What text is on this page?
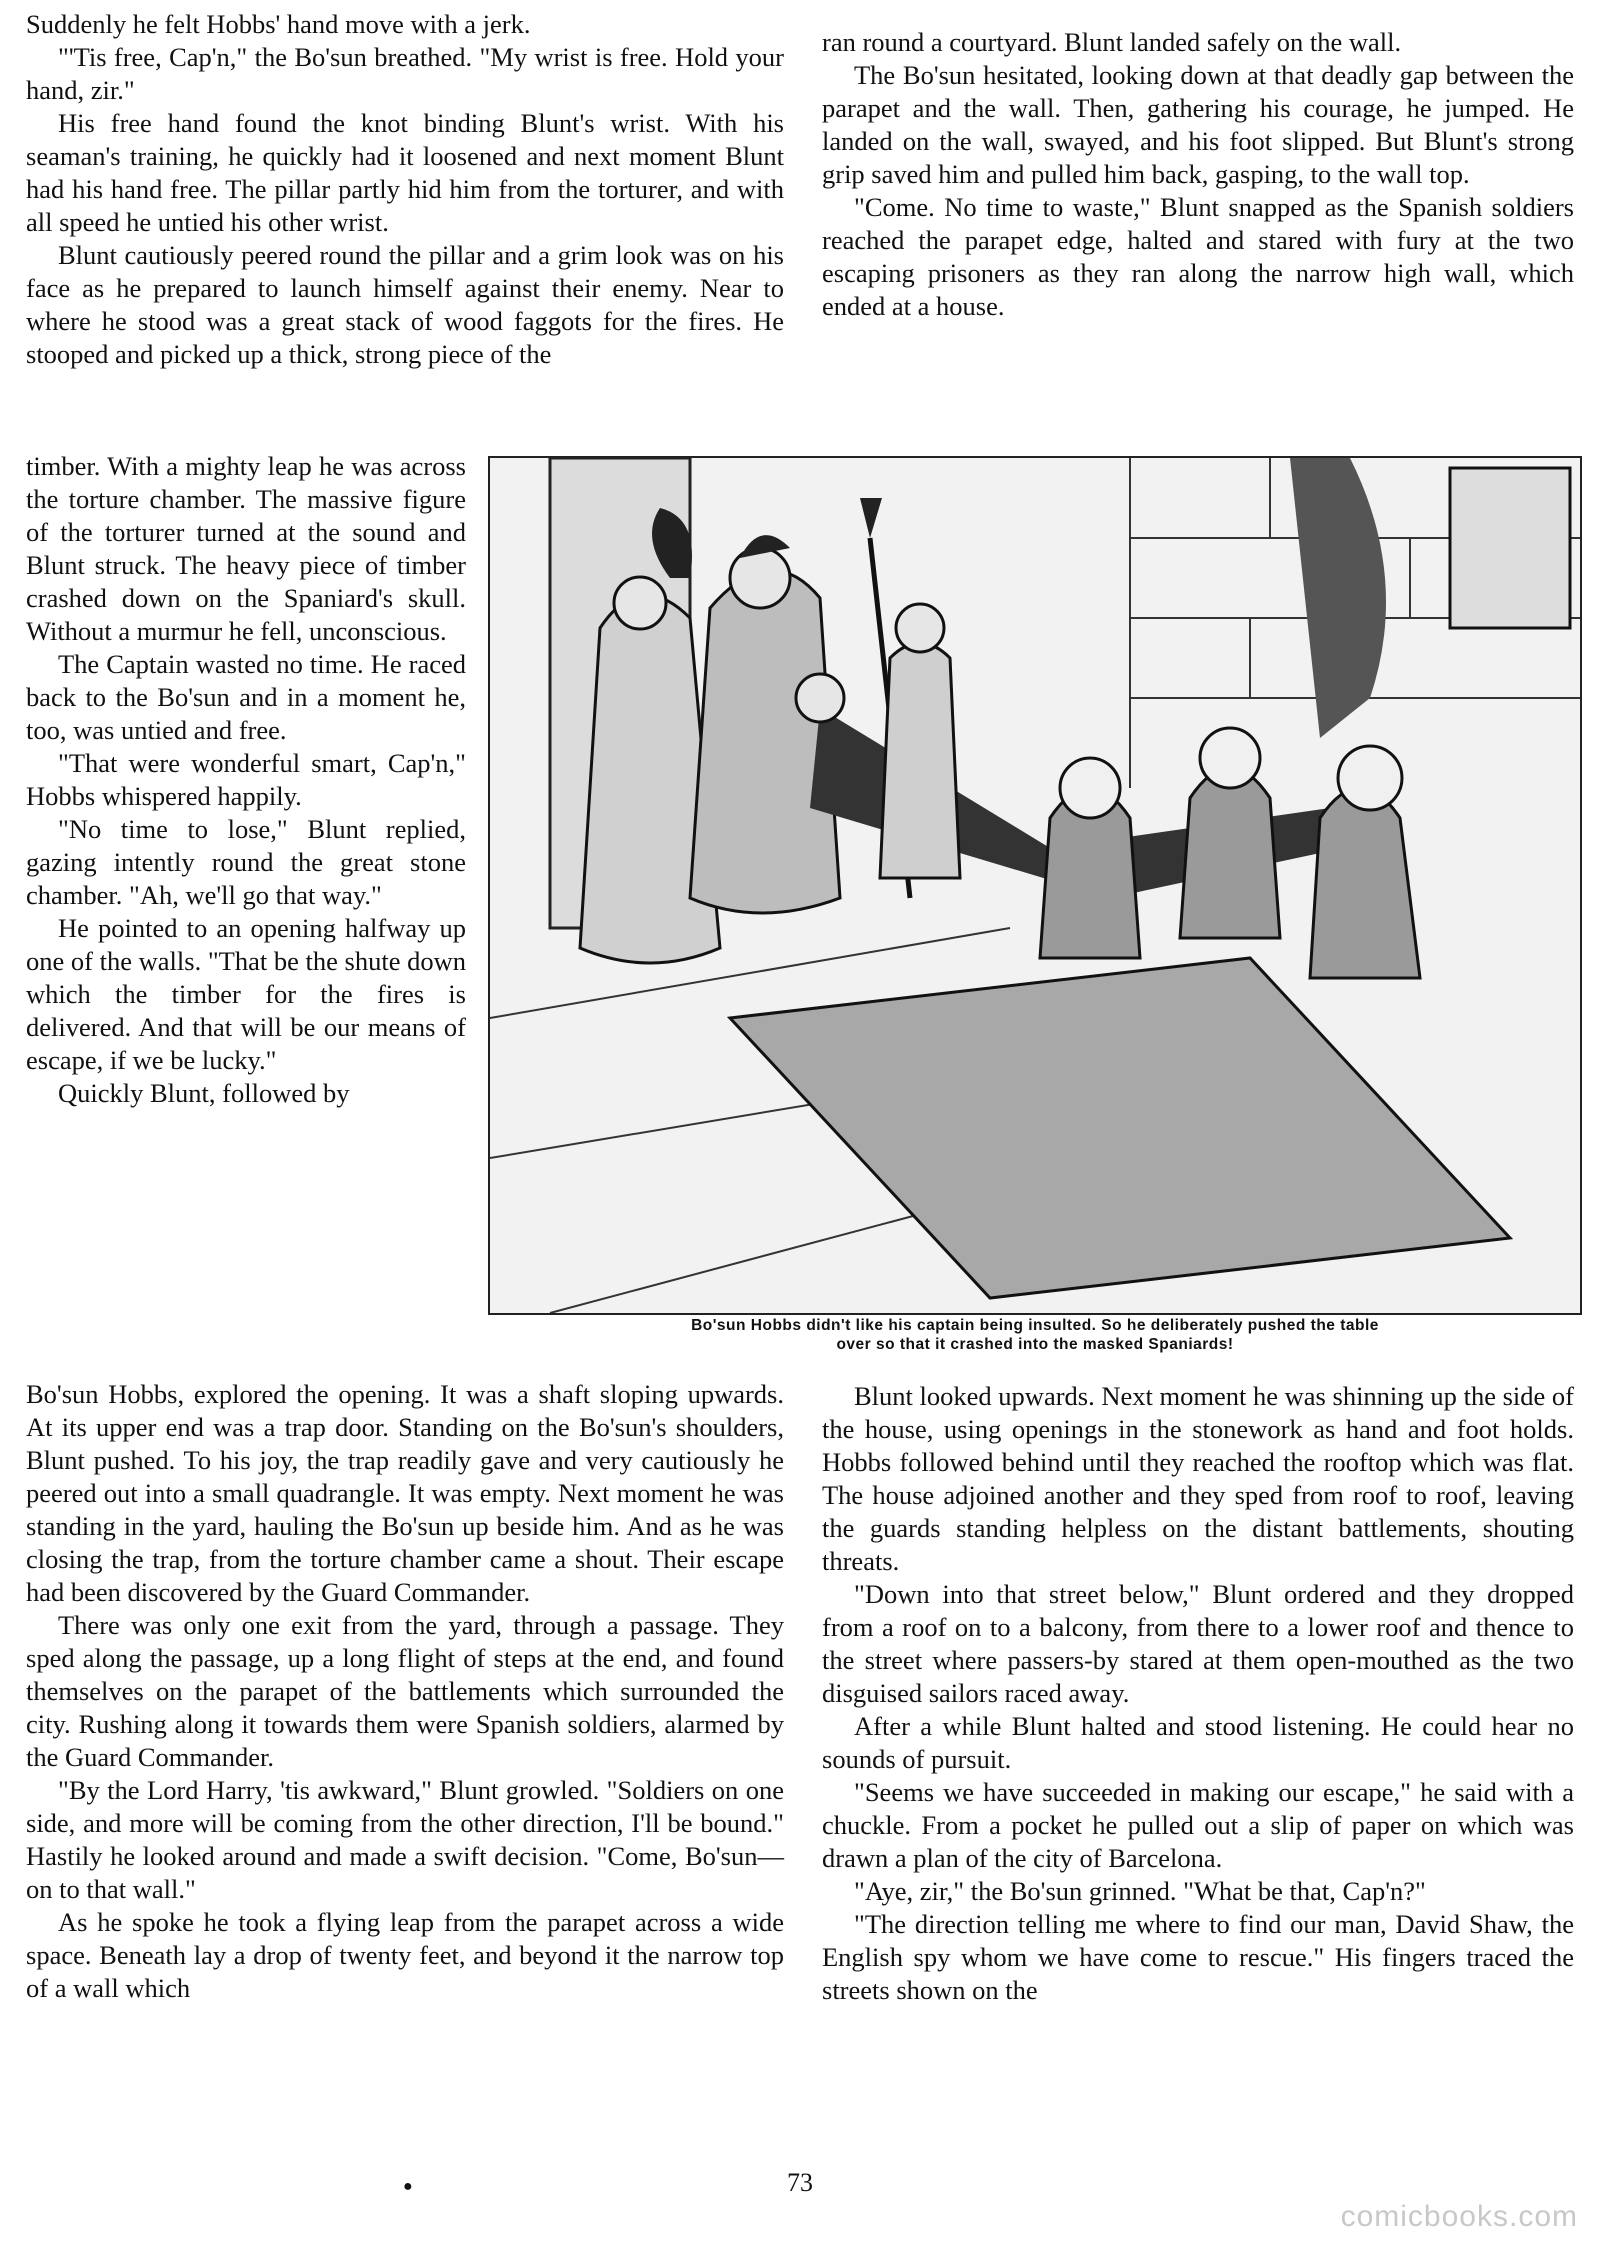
Suddenly he felt Hobbs' hand move with a jerk.

"'Tis free, Cap'n," the Bo'sun breathed. "My wrist is free. Hold your hand, zir."

His free hand found the knot binding Blunt's wrist. With his seaman's training, he quickly had it loosened and next moment Blunt had his hand free. The pillar partly hid him from the torturer, and with all speed he untied his other wrist.

Blunt cautiously peered round the pillar and a grim look was on his face as he prepared to launch himself against their enemy. Near to where he stood was a great stack of wood faggots for the fires. He stooped and picked up a thick, strong piece of the

timber. With a mighty leap he was across the torture chamber. The massive figure of the torturer turned at the sound and Blunt struck. The heavy piece of timber crashed down on the Spaniard's skull. Without a murmur he fell, unconscious.

The Captain wasted no time. He raced back to the Bo'sun and in a moment he, too, was untied and free.

"That were wonderful smart, Cap'n," Hobbs whispered happily.

"No time to lose," Blunt replied, gazing intently round the great stone chamber. "Ah, we'll go that way."

He pointed to an opening halfway up one of the walls. "That be the shute down which the timber for the fires is delivered. And that will be our means of escape, if we be lucky."

Quickly Blunt, followed by

Bo'sun Hobbs didn't like his captain being insulted. So he deliberately pushed the table
over so that it crashed into the masked Spaniards!

Bo'sun Hobbs, explored the opening. It was a shaft sloping upwards. At its upper end was a trap door. Standing on the Bo'sun's shoulders, Blunt pushed. To his joy, the trap readily gave and very cautiously he peered out into a small quadrangle. It was empty. Next moment he was standing in the yard, hauling the Bo'sun up beside him. And as he was closing the trap, from the torture chamber came a shout. Their escape had been discovered by the Guard Commander.

There was only one exit from the yard, through a passage. They sped along the passage, up a long flight of steps at the end, and found themselves on the parapet of the battlements which surrounded the city. Rushing along it towards them were Spanish soldiers, alarmed by the Guard Commander.

"By the Lord Harry, 'tis awkward," Blunt growled. "Soldiers on one side, and more will be coming from the other direction, I'll be bound." Hastily he looked around and made a swift decision. "Come, Bo'sun—on to that wall."

As he spoke he took a flying leap from the parapet across a wide space. Beneath lay a drop of twenty feet, and beyond it the narrow top of a wall which

ran round a courtyard. Blunt landed safely on the wall.

The Bo'sun hesitated, looking down at that deadly gap between the parapet and the wall. Then, gathering his courage, he jumped. He landed on the wall, swayed, and his foot slipped. But Blunt's strong grip saved him and pulled him back, gasping, to the wall top.

"Come. No time to waste," Blunt snapped as the Spanish soldiers reached the parapet edge, halted and stared with fury at the two escaping prisoners as they ran along the narrow high wall, which ended at a house.

Blunt looked upwards. Next moment he was shinning up the side of the house, using openings in the stonework as hand and foot holds. Hobbs followed behind until they reached the rooftop which was flat. The house adjoined another and they sped from roof to roof, leaving the guards standing helpless on the distant battlements, shouting threats.

"Down into that street below," Blunt ordered and they dropped from a roof on to a balcony, from there to a lower roof and thence to the street where passers-by stared at them open-mouthed as the two disguised sailors raced away.

After a while Blunt halted and stood listening. He could hear no sounds of pursuit.

"Seems we have succeeded in making our escape," he said with a chuckle. From a pocket he pulled out a slip of paper on which was drawn a plan of the city of Barcelona.

"Aye, zir," the Bo'sun grinned. "What be that, Cap'n?"

"The direction telling me where to find our man, David Shaw, the English spy whom we have come to rescue." His fingers traced the streets shown on the

●	73
comicbooks.com
